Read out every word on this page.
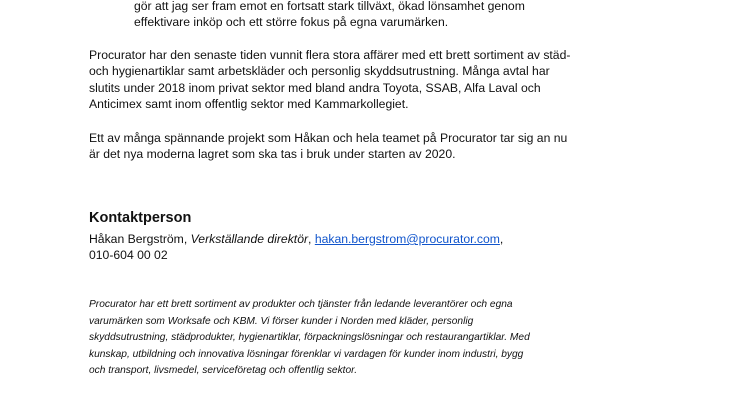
gör att jag ser fram emot en fortsatt stark tillväxt, ökad lönsamhet genom
effektivare inköp och ett större fokus på egna varumärken.

Procurator har den senaste tiden vunnit flera stora affärer med ett brett sortiment av städ-
och hygienartiklar samt arbetskläder och personlig skyddsutrustning. Många avtal har
slutits under 2018 inom privat sektor med bland andra Toyota, SSAB, Alfa Laval och
Anticimex samt inom offentlig sektor med Kammarkollegiet.

Ett av många spännande projekt som Håkan och hela teamet på Procurator tar sig an nu
är det nya moderna lagret som ska tas i bruk under starten av 2020.

Kontaktperson
Håkan Bergström, Verkställande direktör, hakan.bergstrom@procurator.com,
010-604 00 02

Procurator har ett brett sortiment av produkter och tjänster från ledande leverantörer och egna
varumärken som Worksafe och KBM. Vi förser kunder i Norden med kläder, personlig
skyddsutrustning, städprodukter, hygienartiklar, förpackningslösningar och restaurangartiklar. Med
kunskap, utbildning och innovativa lösningar förenklar vi vardagen för kunder inom industri, bygg
och transport, livsmedel, serviceföretag och offentlig sektor.
